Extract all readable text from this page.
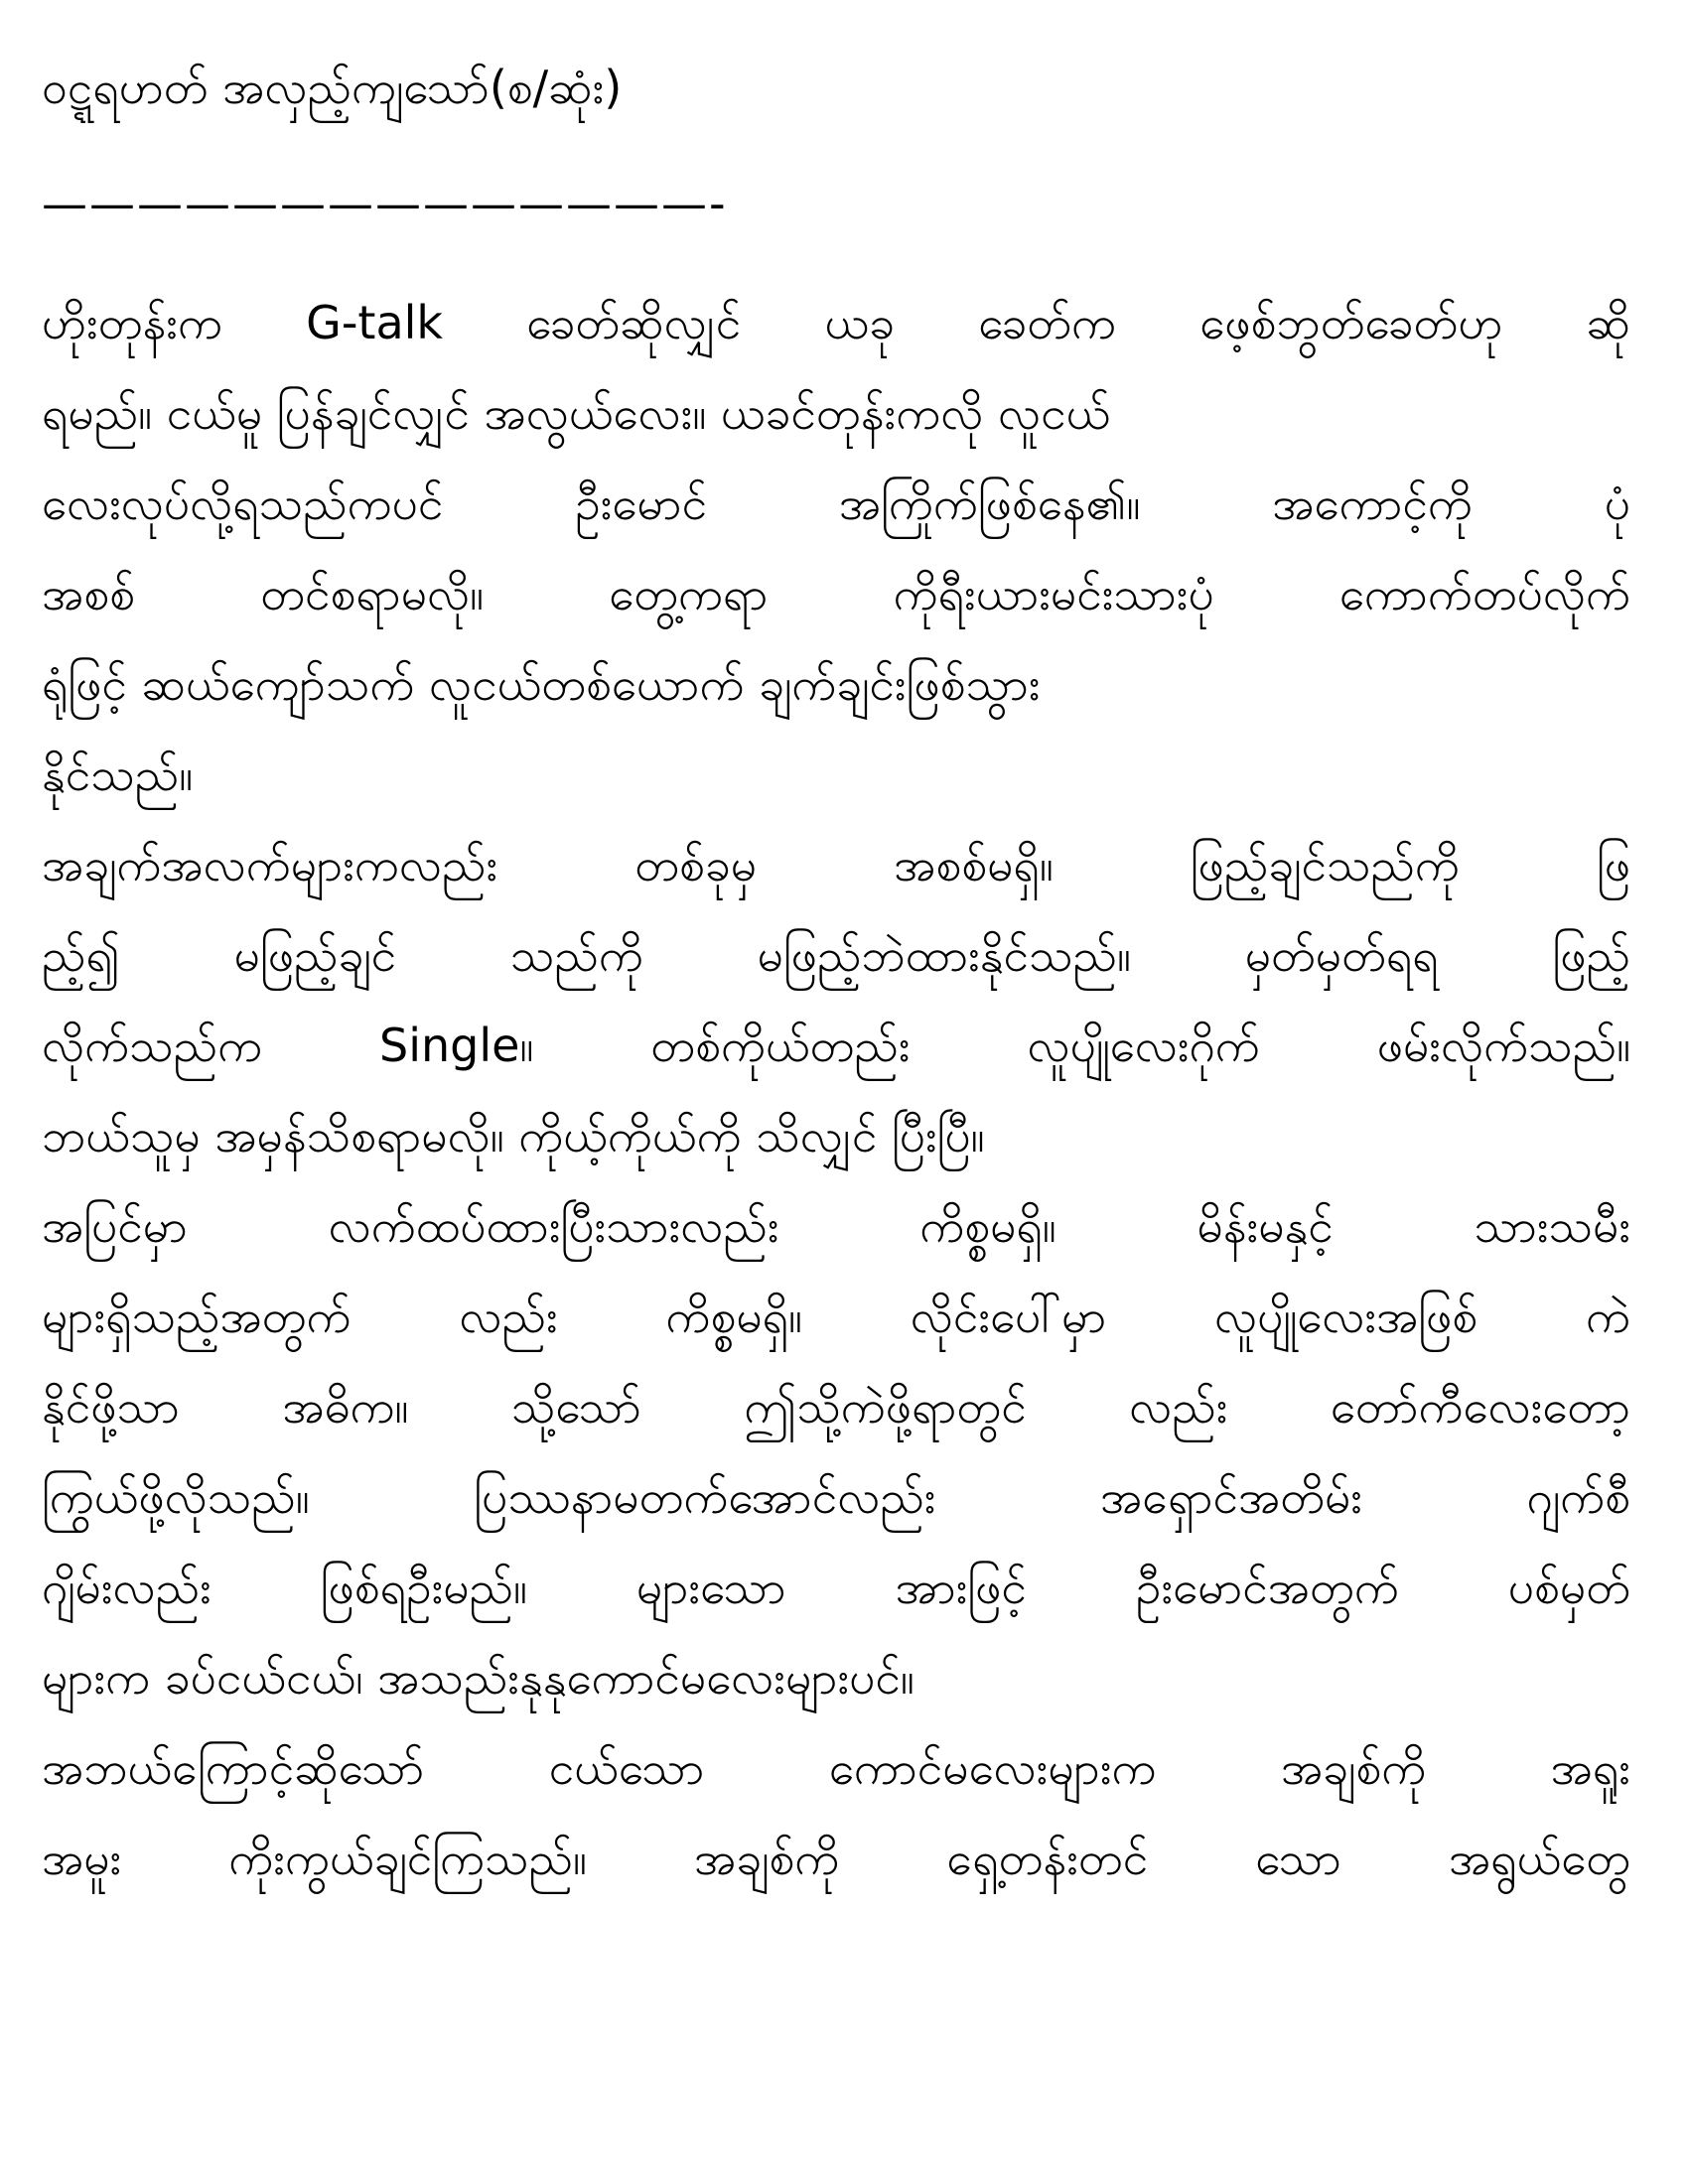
ဝဋ္ဋရဟတ် အလှည့်ကျသော်(စ/ဆုံး)
——————————————-
ဟိုးတုန်းက G-talk ခေတ်ဆိုလျှင် ယခု ခေတ်က ဖေ့စ်ဘွတ်ခေတ်ဟု ဆို
ရမည်။ ငယ်မူ ပြန်ချင်လျှင် အလွယ်လေး။ ယခင်တုန်းကလို လူငယ်
လေးလုပ်လို့ရသည်ကပင် ဦးမောင် အကြိုက်ဖြစ်နေ၏။ အကောင့်ကို ပုံ
အစစ် တင်စရာမလို။ တွေ့ကရာ ကိုရီးယားမင်းသားပုံ ကောက်တပ်လိုက်
ရုံဖြင့် ဆယ်ကျော်သက် လူငယ်တစ်ယောက် ချက်ချင်းဖြစ်သွား
နိုင်သည်။
အချက်အလက်များကလည်း တစ်ခုမှ အစစ်မရှိ။ ဖြည့်ချင်သည်ကို ဖြ
ည့်၍ မဖြည့်ချင် သည်ကို မဖြည့်ဘဲထားနိုင်သည်။ မှတ်မှတ်ရရ ဖြည့်
လိုက်သည်က Single။ တစ်ကိုယ်တည်း လူပျိုလေးဂိုက် ဖမ်းလိုက်သည်။
ဘယ်သူမှ အမှန်သိစရာမလို။ ကိုယ့်ကိုယ်ကို သိလျှင် ပြီးပြီ။
အပြင်မှာ လက်ထပ်ထားပြီးသားလည်း ကိစ္စမရှိ။ မိန်းမနှင့် သားသမီး
များရှိသည့်အတွက် လည်း ကိစ္စမရှိ။ လိုင်းပေါ်မှာ လူပျိုလေးအဖြစ် ကဲ
နိုင်ဖို့သာ အဓိက။ သို့သော် ဤသို့ကဲဖို့ရာတွင် လည်း တော်ကီလေးတော့
ကြွယ်ဖို့လိုသည်။ ပြဿနာမတက်အောင်လည်း အရှောင်အတိမ်း ဂျက်စီ
ဂျိမ်းလည်း ဖြစ်ရဦးမည်။ များသော အားဖြင့် ဦးမောင်အတွက် ပစ်မှတ်
များက ခပ်ငယ်ငယ်၊ အသည်းနုနုကောင်မလေးများပင်။
အဘယ်ကြောင့်ဆိုသော် ငယ်သော ကောင်မလေးများက အချစ်ကို အရူး
အမူး ကိုးကွယ်ချင်ကြသည်။ အချစ်ကို ရှေ့တန်းတင် သော အရွယ်တွေ
